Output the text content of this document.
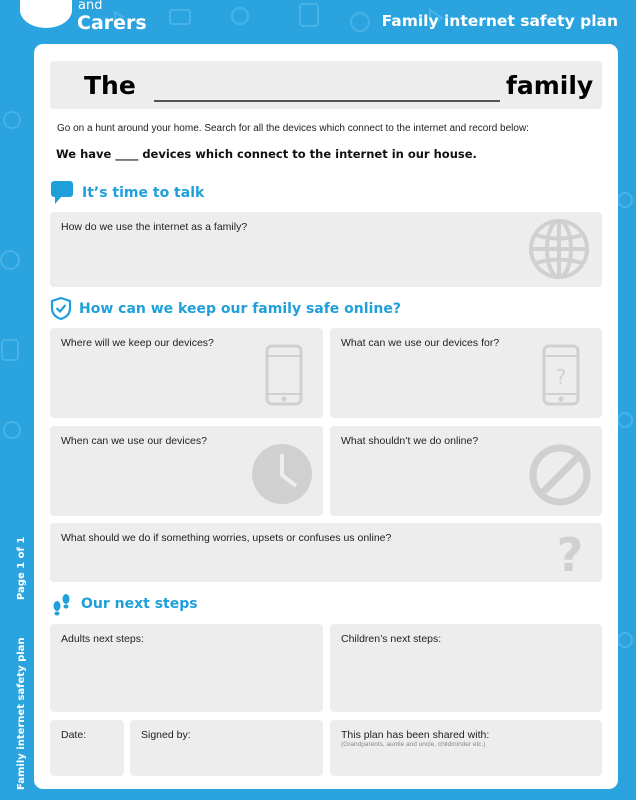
and
Carers	Family internet safety plan
Page 1 of 1
Family internet safety plan
The	family
Go on a hunt around your home. Search for all the devices which connect to the internet and record below:
We have ____ devices which connect to the internet in our house.
It’s time to talk
How do we use the internet as a family?
How can we keep our family safe online?
Where will we keep our devices?	What can we use our devices for?
?
When can we use our devices?	What shouldn’t we do online?
What should we do if something worries, upsets or confuses us online?	?
Our next steps
Adults next steps:	Children’s next steps:
Date:	Signed by:	This plan has been shared with:
(Grandparents, auntie and uncle, childminder etc.)
